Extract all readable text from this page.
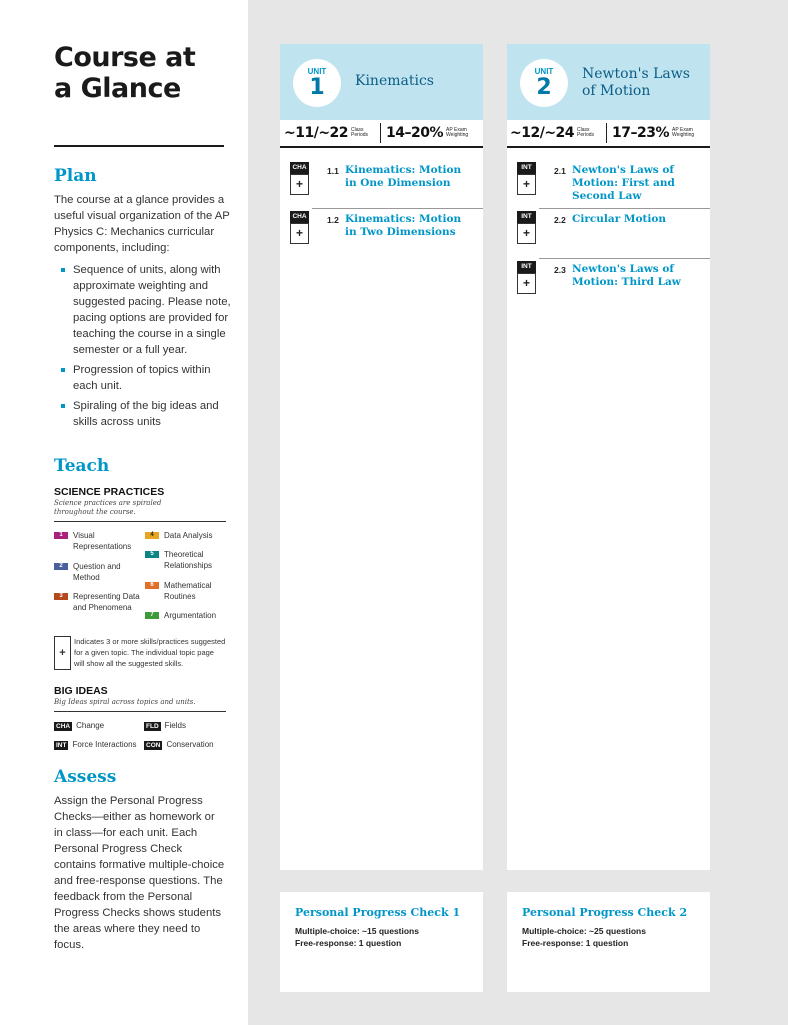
Course at
a Glance
Plan

The course at a glance provides a useful visual organization of the AP Physics C: Mechanics curricular components, including:

Sequence of units, along with approximate weighting and suggested pacing. Please note, pacing options are provided for teaching the course in a single semester or a full year.
Progression of topics within each unit.
Spiraling of the big ideas and skills across units
Teach
SCIENCE PRACTICES
Science practices are spiraled throughout the course.
1	Visual Representations
2	Question and Method
3	Representing Data and Phenomena
4	Data Analysis
5	Theoretical Relationships
6	Mathematical Routines
7	Argumentation
+
Indicates 3 or more skills/practices suggested for a given topic. The individual topic page will show all the suggested skills.
BIG IDEAS
Big Ideas spiral across topics and units.
CHA Change	FLD Fields
INT Force Interactions	CON Conservation
Assess

Assign the Personal Progress Checks—either as homework or in class—for each unit. Each Personal Progress Check contains formative multiple-choice and free-response questions. The feedback from the Personal Progress Checks shows students the areas where they need to focus.

UNIT
1	Kinematics
~11/~22 Class Periods	14–20% AP Exam Weighting
CHA
+
1.1 Kinematics: Motion in One Dimension
CHA
+
1.2 Kinematics: Motion in Two Dimensions
UNIT
2
Newton's Laws of Motion
~12/~24 Class Periods	17–23% AP Exam Weighting
INT
+
2.1 Newton's Laws of Motion: First and Second Law
INT
+
2.2 Circular Motion
INT
+
2.3 Newton's Laws of Motion: Third Law
Personal Progress Check 1
Multiple-choice: ~15 questions
Free-response: 1 question
Personal Progress Check 2
Multiple-choice: ~25 questions
Free-response: 1 question
